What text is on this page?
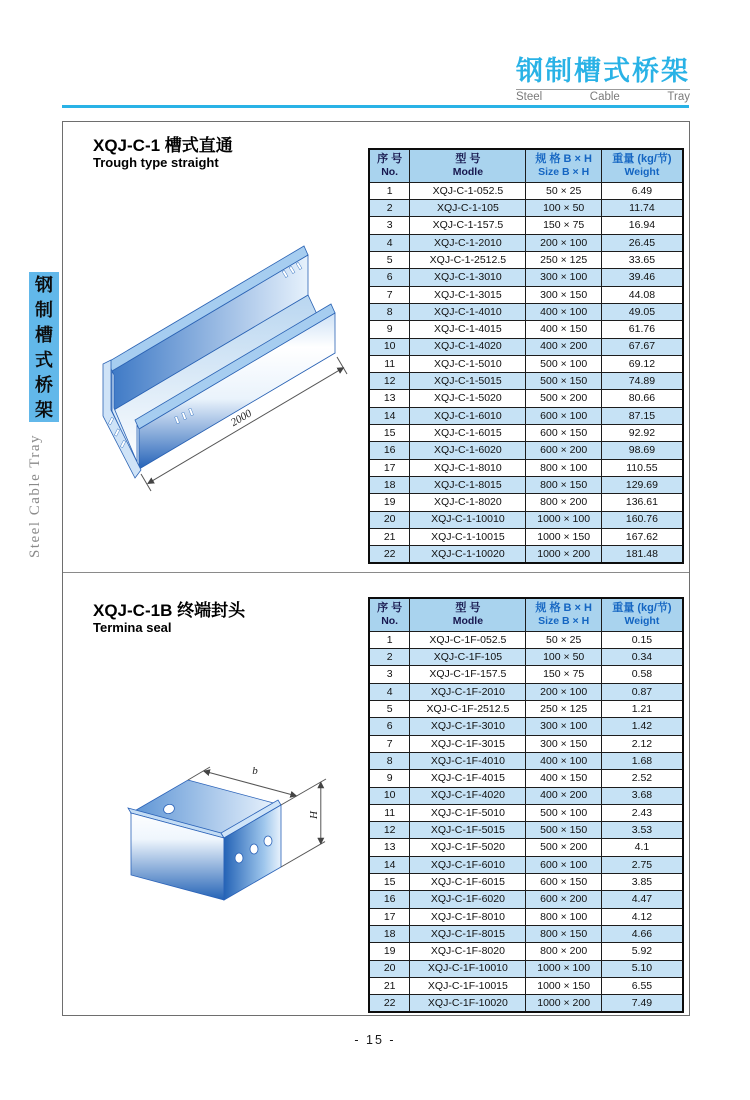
钢制槽式桥架
Steel	Cable	Tray
钢
制
槽
式
桥
架
Steel Cable Tray
XQJ-C-1 槽式直通
Trough type straight
2000
序 号
No.

型 号
Modle

规 格 B × H
Size B × H

重量 (kg/节)
Weight

1	XQJ-C-1-052.5	50 × 25	6.49
2	XQJ-C-1-105	100 × 50	11.74
3	XQJ-C-1-157.5	150 × 75	16.94
4	XQJ-C-1-2010	200 × 100	26.45
5	XQJ-C-1-2512.5	250 × 125	33.65
6	XQJ-C-1-3010	300 × 100	39.46
7	XQJ-C-1-3015	300 × 150	44.08
8	XQJ-C-1-4010	400 × 100	49.05
9	XQJ-C-1-4015	400 × 150	61.76
10	XQJ-C-1-4020	400 × 200	67.67
11	XQJ-C-1-5010	500 × 100	69.12
12	XQJ-C-1-5015	500 × 150	74.89
13	XQJ-C-1-5020	500 × 200	80.66
14	XQJ-C-1-6010	600 × 100	87.15
15	XQJ-C-1-6015	600 × 150	92.92
16	XQJ-C-1-6020	600 × 200	98.69
17	XQJ-C-1-8010	800 × 100	110.55
18	XQJ-C-1-8015	800 × 150	129.69
19	XQJ-C-1-8020	800 × 200	136.61
20	XQJ-C-1-10010	1000 × 100	160.76
21	XQJ-C-1-10015	1000 × 150	167.62
22	XQJ-C-1-10020	1000 × 200	181.48
XQJ-C-1B 终端封头
Termina seal
b
H
序 号
No.

型 号
Modle

规 格 B × H
Size B × H

重量 (kg/节)
Weight

1	XQJ-C-1F-052.5	50 × 25	0.15
2	XQJ-C-1F-105	100 × 50	0.34
3	XQJ-C-1F-157.5	150 × 75	0.58
4	XQJ-C-1F-2010	200 × 100	0.87
5	XQJ-C-1F-2512.5	250 × 125	1.21
6	XQJ-C-1F-3010	300 × 100	1.42
7	XQJ-C-1F-3015	300 × 150	2.12
8	XQJ-C-1F-4010	400 × 100	1.68
9	XQJ-C-1F-4015	400 × 150	2.52
10	XQJ-C-1F-4020	400 × 200	3.68
11	XQJ-C-1F-5010	500 × 100	2.43
12	XQJ-C-1F-5015	500 × 150	3.53
13	XQJ-C-1F-5020	500 × 200	4.1
14	XQJ-C-1F-6010	600 × 100	2.75
15	XQJ-C-1F-6015	600 × 150	3.85
16	XQJ-C-1F-6020	600 × 200	4.47
17	XQJ-C-1F-8010	800 × 100	4.12
18	XQJ-C-1F-8015	800 × 150	4.66
19	XQJ-C-1F-8020	800 × 200	5.92
20	XQJ-C-1F-10010	1000 × 100	5.10
21	XQJ-C-1F-10015	1000 × 150	6.55
22	XQJ-C-1F-10020	1000 × 200	7.49
- 15 -
